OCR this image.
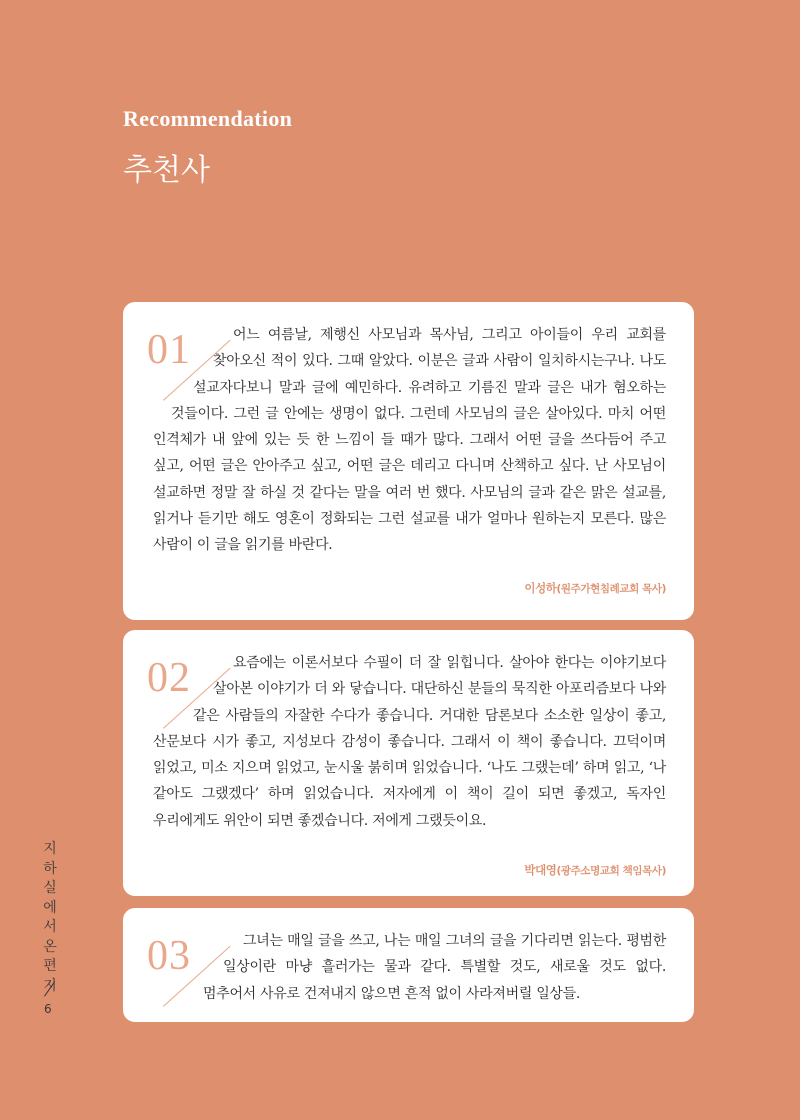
Recommendation
추천사
01	어느 여름날, 제행신 사모님과 목사님, 그리고 아이들이 우리 교회를 찾아오신 적이 있다. 그때 알았다. 이분은 글과 사람이 일치하시는구나. 나도 설교자다보니 말과 글에 예민하다. 유려하고 기름진 말과 글은 내가 혐오하는 것들이다. 그런 글 안에는 생명이 없다. 그런데 사모님의 글은 살아있다. 마치 어떤 인격체가 내 앞에 있는 듯 한 느낌이 들 때가 많다. 그래서 어떤 글을 쓰다듬어 주고 싶고, 어떤 글은 안아주고 싶고, 어떤 글은 데리고 다니며 산책하고 싶다. 난 사모님이 설교하면 정말 잘 하실 것 같다는 말을 여러 번 했다. 사모님의 글과 같은 맑은 설교를, 읽거나 듣기만 해도 영혼이 정화되는 그런 설교를 내가 얼마나 원하는지 모른다. 많은 사람이 이 글을 읽기를 바란다.
이성하(원주가현침례교회 목사)
02	요즘에는 이론서보다 수필이 더 잘 읽힙니다. 살아야 한다는 이야기보다 살아본 이야기가 더 와 닿습니다. 대단하신 분들의 묵직한 아포리즘보다 나와 같은 사람들의 자잘한 수다가 좋습니다. 거대한 담론보다 소소한 일상이 좋고, 산문보다 시가 좋고, 지성보다 감성이 좋습니다. 그래서 이 책이 좋습니다. 끄덕이며 읽었고, 미소 지으며 읽었고, 눈시울 붉히며 읽었습니다. ‘나도 그랬는데’ 하며 읽고, ‘나 같아도 그랬겠다’ 하며 읽었습니다. 저자에게 이 책이 길이 되면 좋겠고, 독자인 우리에게도 위안이 되면 좋겠습니다. 저에게 그랬듯이요.
박대영(광주소명교회 책임목사)
03	그녀는 매일 글을 쓰고, 나는 매일 그녀의 글을 기다리면 읽는다. 평범한 일상이란 마냥 흘러가는 물과 같다. 특별할 것도, 새로울 것도 없다. 멈추어서 사유로 건져내지 않으면 흔적 없이 사라져버릴 일상들.
지
하
실
에
서
온
편
지
6
